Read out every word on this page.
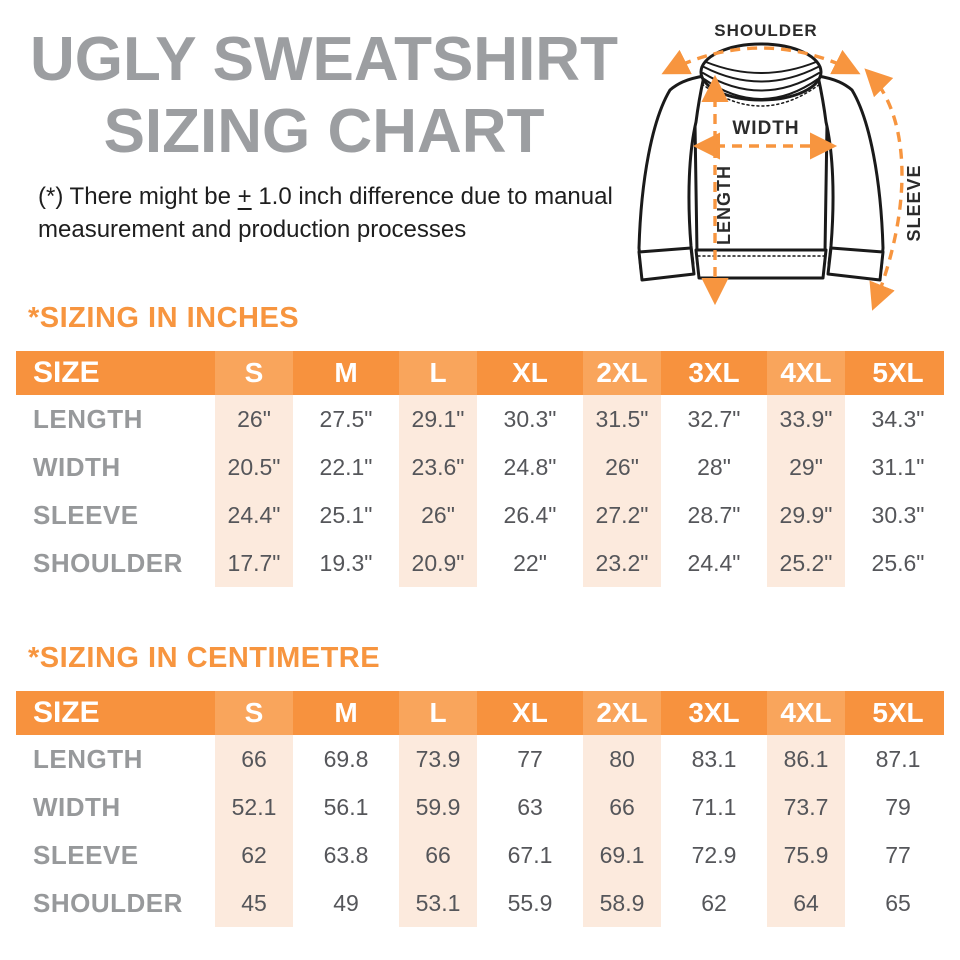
UGLY SWEATSHIRT
SIZING CHART
(*) There might be + 1.0 inch difference due to manual measurement and production processes
SHOULDER
WIDTH
LENGTH	SLEEVE
*SIZING IN INCHES
SIZE	S	M	L	XL	2XL	3XL	4XL	5XL
LENGTH	26"	27.5"	29.1"	30.3"	31.5"	32.7"	33.9"	34.3"
WIDTH	20.5"	22.1"	23.6"	24.8"	26"	28"	29"	31.1"
SLEEVE	24.4"	25.1"	26"	26.4"	27.2"	28.7"	29.9"	30.3"
SHOULDER	17.7"	19.3"	20.9"	22"	23.2"	24.4"	25.2"	25.6"
*SIZING IN CENTIMETRE
SIZE	S	M	L	XL	2XL	3XL	4XL	5XL
LENGTH	66	69.8	73.9	77	80	83.1	86.1	87.1
WIDTH	52.1	56.1	59.9	63	66	71.1	73.7	79
SLEEVE	62	63.8	66	67.1	69.1	72.9	75.9	77
SHOULDER	45	49	53.1	55.9	58.9	62	64	65
